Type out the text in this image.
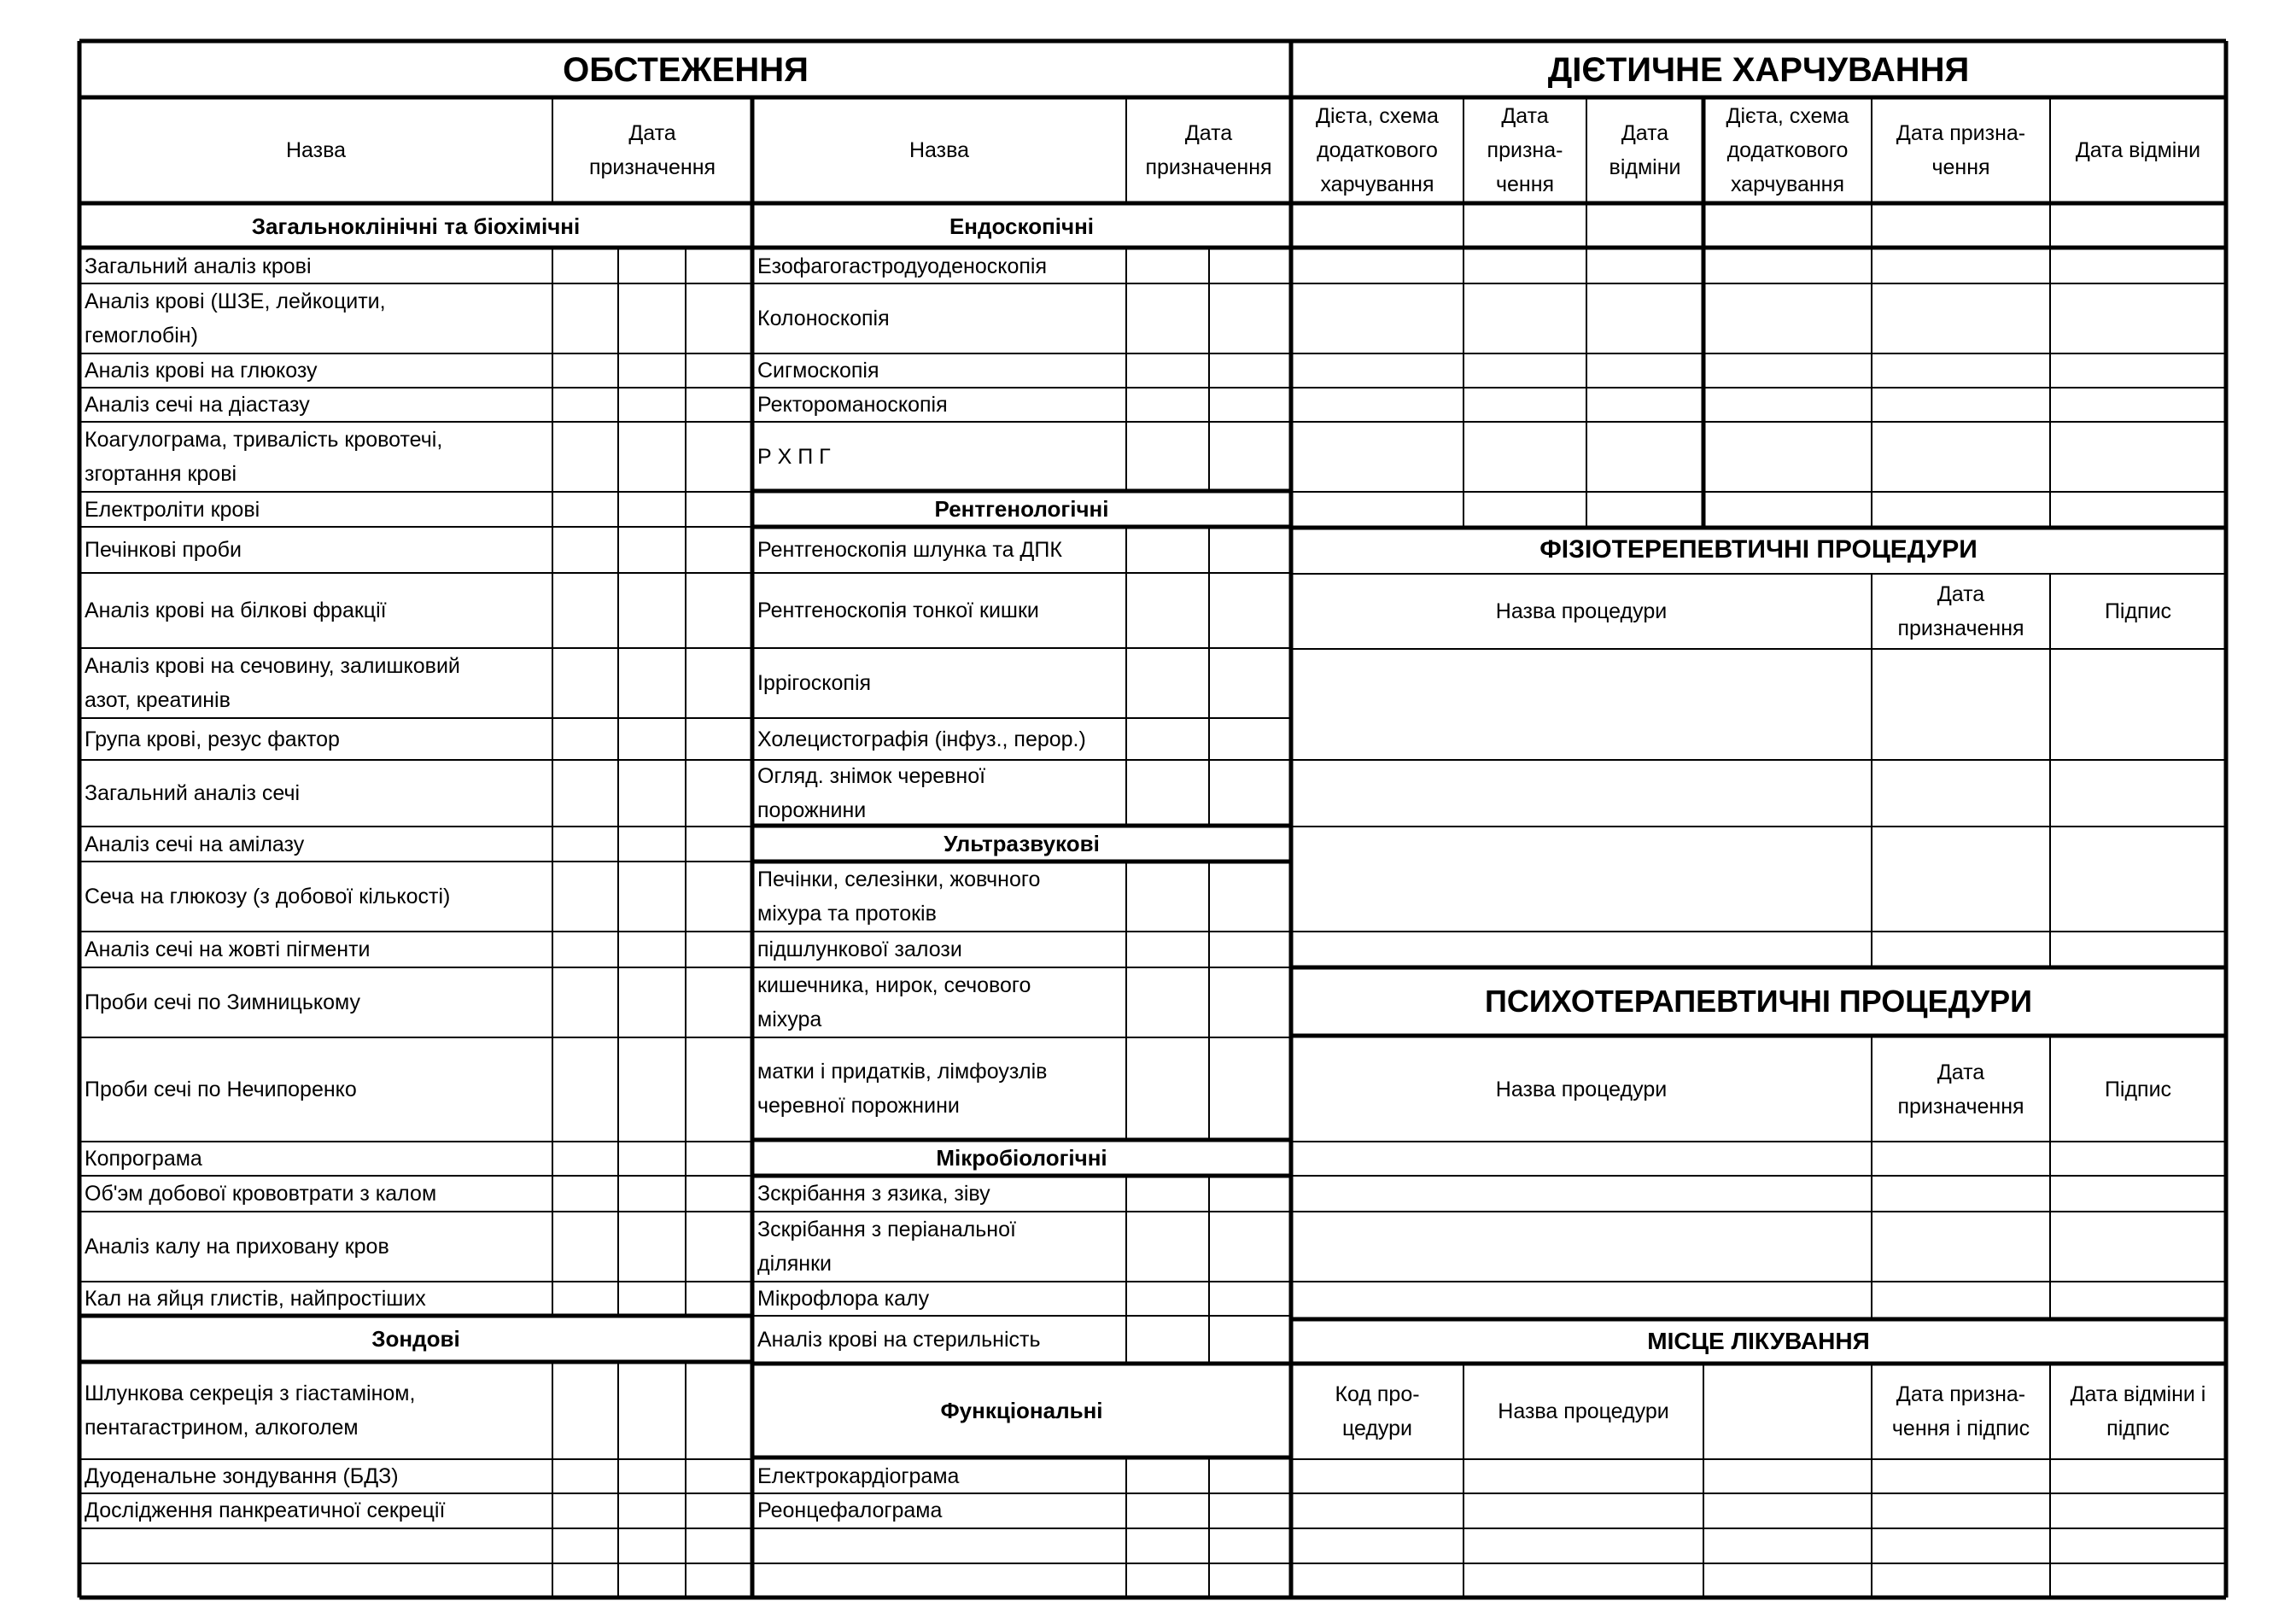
ОБСТЕЖЕННЯ	ДІЄТИЧНЕ ХАРЧУВАННЯ
Назва
Дата
призначення
Назва
Дата
призначення
Дієта, схема
додаткового
харчування
Дата
призна-
чення
Дата
відміни
Дієта, схема
додаткового
харчування
Дата призна-
чення
Дата відміни
Загальноклінічні та біохімічні	Ендоскопічні
Рентгенологічні
Ультразвукові
Мікробіологічні
Зондові
Функціональні
ФІЗІОТЕРЕПЕВТИЧНІ ПРОЦЕДУРИ
Назва процедури
Дата
призначення
Підпис
ПСИХОТЕРАПЕВТИЧНІ ПРОЦЕДУРИ
Назва процедури
Дата
призначення
Підпис
МІСЦЕ ЛІКУВАННЯ
Код про-
цедури
Назва процедури
Дата призна-
чення і підпис
Дата відміни і
підпис
Загальний аналіз крові
Аналіз крові (ШЗЕ, лейкоцити,
гемоглобін)
Аналіз крові на глюкозу
Аналіз сечі на діастазу
Коагулограма, тривалість кровотечі,
згортання крові
Електроліти крові
Печінкові проби
Аналіз крові на білкові фракції
Аналіз крові на сечовину, залишковий
азот, креатинів
Група крові, резус фактор
Загальний аналіз сечі
Аналіз сечі на амілазу
Сеча на глюкозу (з добової кількості)
Аналіз сечі на жовті пігменти
Проби сечі по Зимницькому
Проби сечі по Нечипоренко
Копрограма
Об'эм добової крововтрати з калом
Аналіз калу на приховану кров
Кал на яйця глистів, найпростіших
Шлункова секреція з гіастаміном,
пентагастрином, алкоголем
Дуоденальне зондування (БДЗ)
Дослідження панкреатичної секреції
Езофагогастродуоденоскопія
Колоноскопія
Сигмоскопія
Ректороманоскопія
Р Х П Г
Рентгеноскопія шлунка та ДПК
Рентгеноскопія тонкої кишки
Іррігоскопія
Холецистографія (інфуз., перор.)
Огляд. знімок черевної
порожнини
Печінки, селезінки, жовчного
міхура та протоків
підшлункової залози
кишечника, нирок, сечового
міхура
матки і придатків, лімфоузлів
черевної порожнини
Зскрібання з язика, зіву
Зскрібання з періанальної
ділянки
Мікрофлора калу
Аналіз крові на стерильність
Електрокардіограма
Реонцефалограма
